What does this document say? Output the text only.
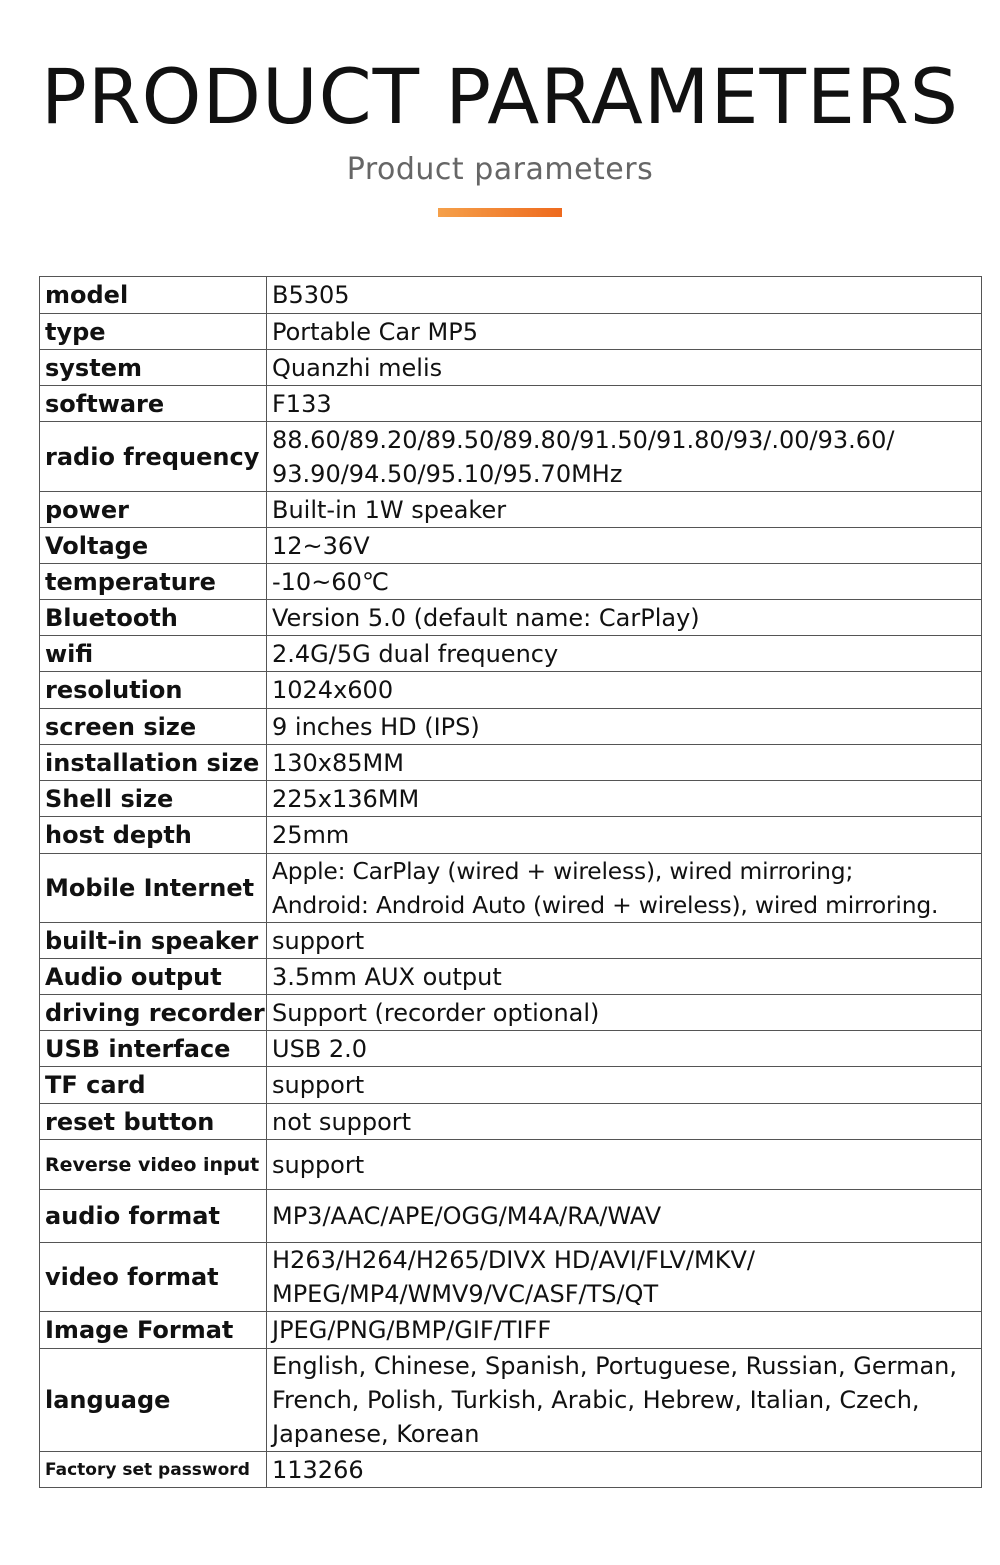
PRODUCT PARAMETERS
Product parameters
model	B5305
type	Portable Car MP5
system	Quanzhi melis
software	F133
radio frequency	88.60/89.20/89.50/89.80/91.50/91.80/93/.00/93.60/
93.90/94.50/95.10/95.70MHz
power	Built-in 1W speaker
Voltage	12~36V
temperature	-10~60℃
Bluetooth	Version 5.0 (default name: CarPlay)
wifi	2.4G/5G dual frequency
resolution	1024x600
screen size	9 inches HD (IPS)
installation size	130x85MM
Shell size	225x136MM
host depth	25mm
Mobile Internet	Apple: CarPlay (wired + wireless), wired mirroring;
Android: Android Auto (wired + wireless), wired mirroring.
built-in speaker	support
Audio output	3.5mm AUX output
driving recorder	Support (recorder optional)
USB interface	USB 2.0
TF card	support
reset button	not support
Reverse video input	support
audio format	MP3/AAC/APE/OGG/M4A/RA/WAV
video format	H263/H264/H265/DIVX HD/AVI/FLV/MKV/
MPEG/MP4/WMV9/VC/ASF/TS/QT
Image Format	JPEG/PNG/BMP/GIF/TIFF
language	English, Chinese, Spanish, Portuguese, Russian, German,
French, Polish, Turkish, Arabic, Hebrew, Italian, Czech,
Japanese, Korean
Factory set password	113266
